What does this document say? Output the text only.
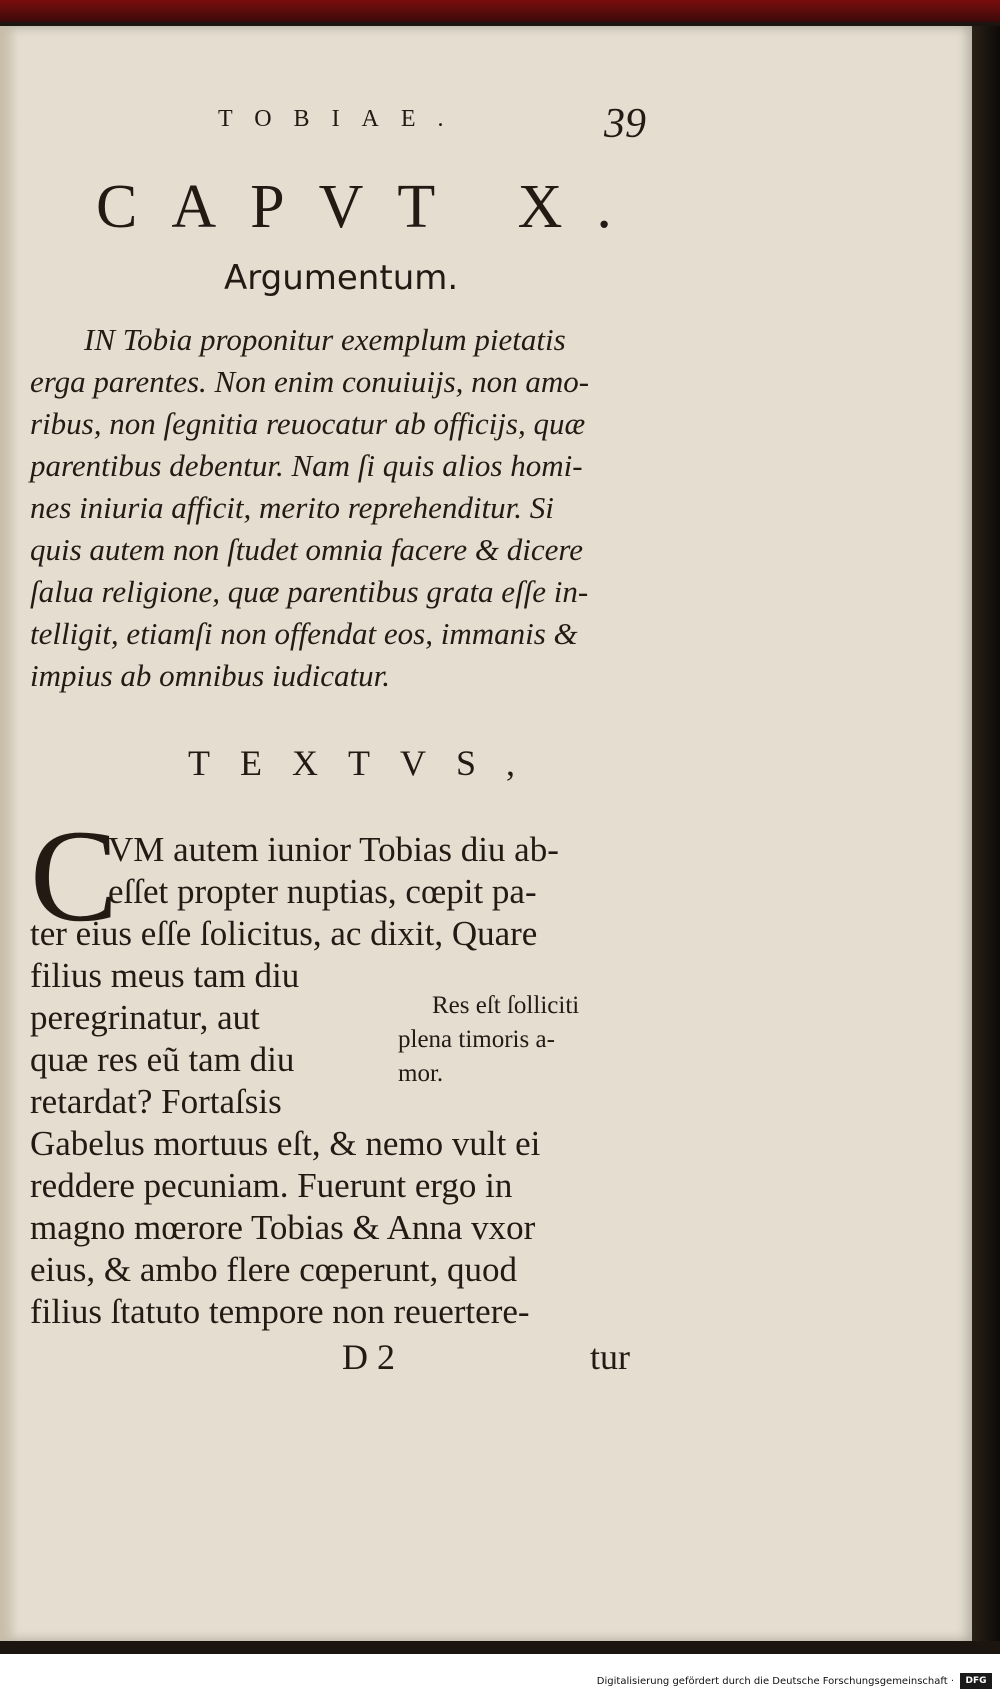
TOBIAE.	39
CAPVT X.
Argumentum.
IN Tobia proponitur exemplum pietatis
erga parentes. Non enim conuiuijs, non amo-
ribus, non ſegnitia reuocatur ab officijs, quæ
parentibus debentur. Nam ſi quis alios homi-
nes iniuria afficit, merito reprehenditur. Si
quis autem non ſtudet omnia facere & dicere
ſalua religione, quæ parentibus grata eſſe in-
telligit, etiamſi non offendat eos, immanis &
impius ab omnibus iudicatur.
TEXTVS,
C
VM autem iunior Tobias diu ab-
eſſet propter nuptias, cœpit pa-
ter eius eſſe ſolicitus, ac dixit, Quare
filius meus tam diu
peregrinatur, aut
quæ res eũ tam diu
retardat? Fortaſsis
Res eſt ſolliciti
plena timoris a-
mor.
Gabelus mortuus eſt, & nemo vult ei
reddere pecuniam. Fuerunt ergo in
magno mœrore Tobias & Anna vxor
eius, & ambo flere cœperunt, quod
filius ſtatuto tempore non reuertere-
D 2	tur
Digitalisierung gefördert durch die Deutsche Forschungsgemeinschaft ·	DFG
